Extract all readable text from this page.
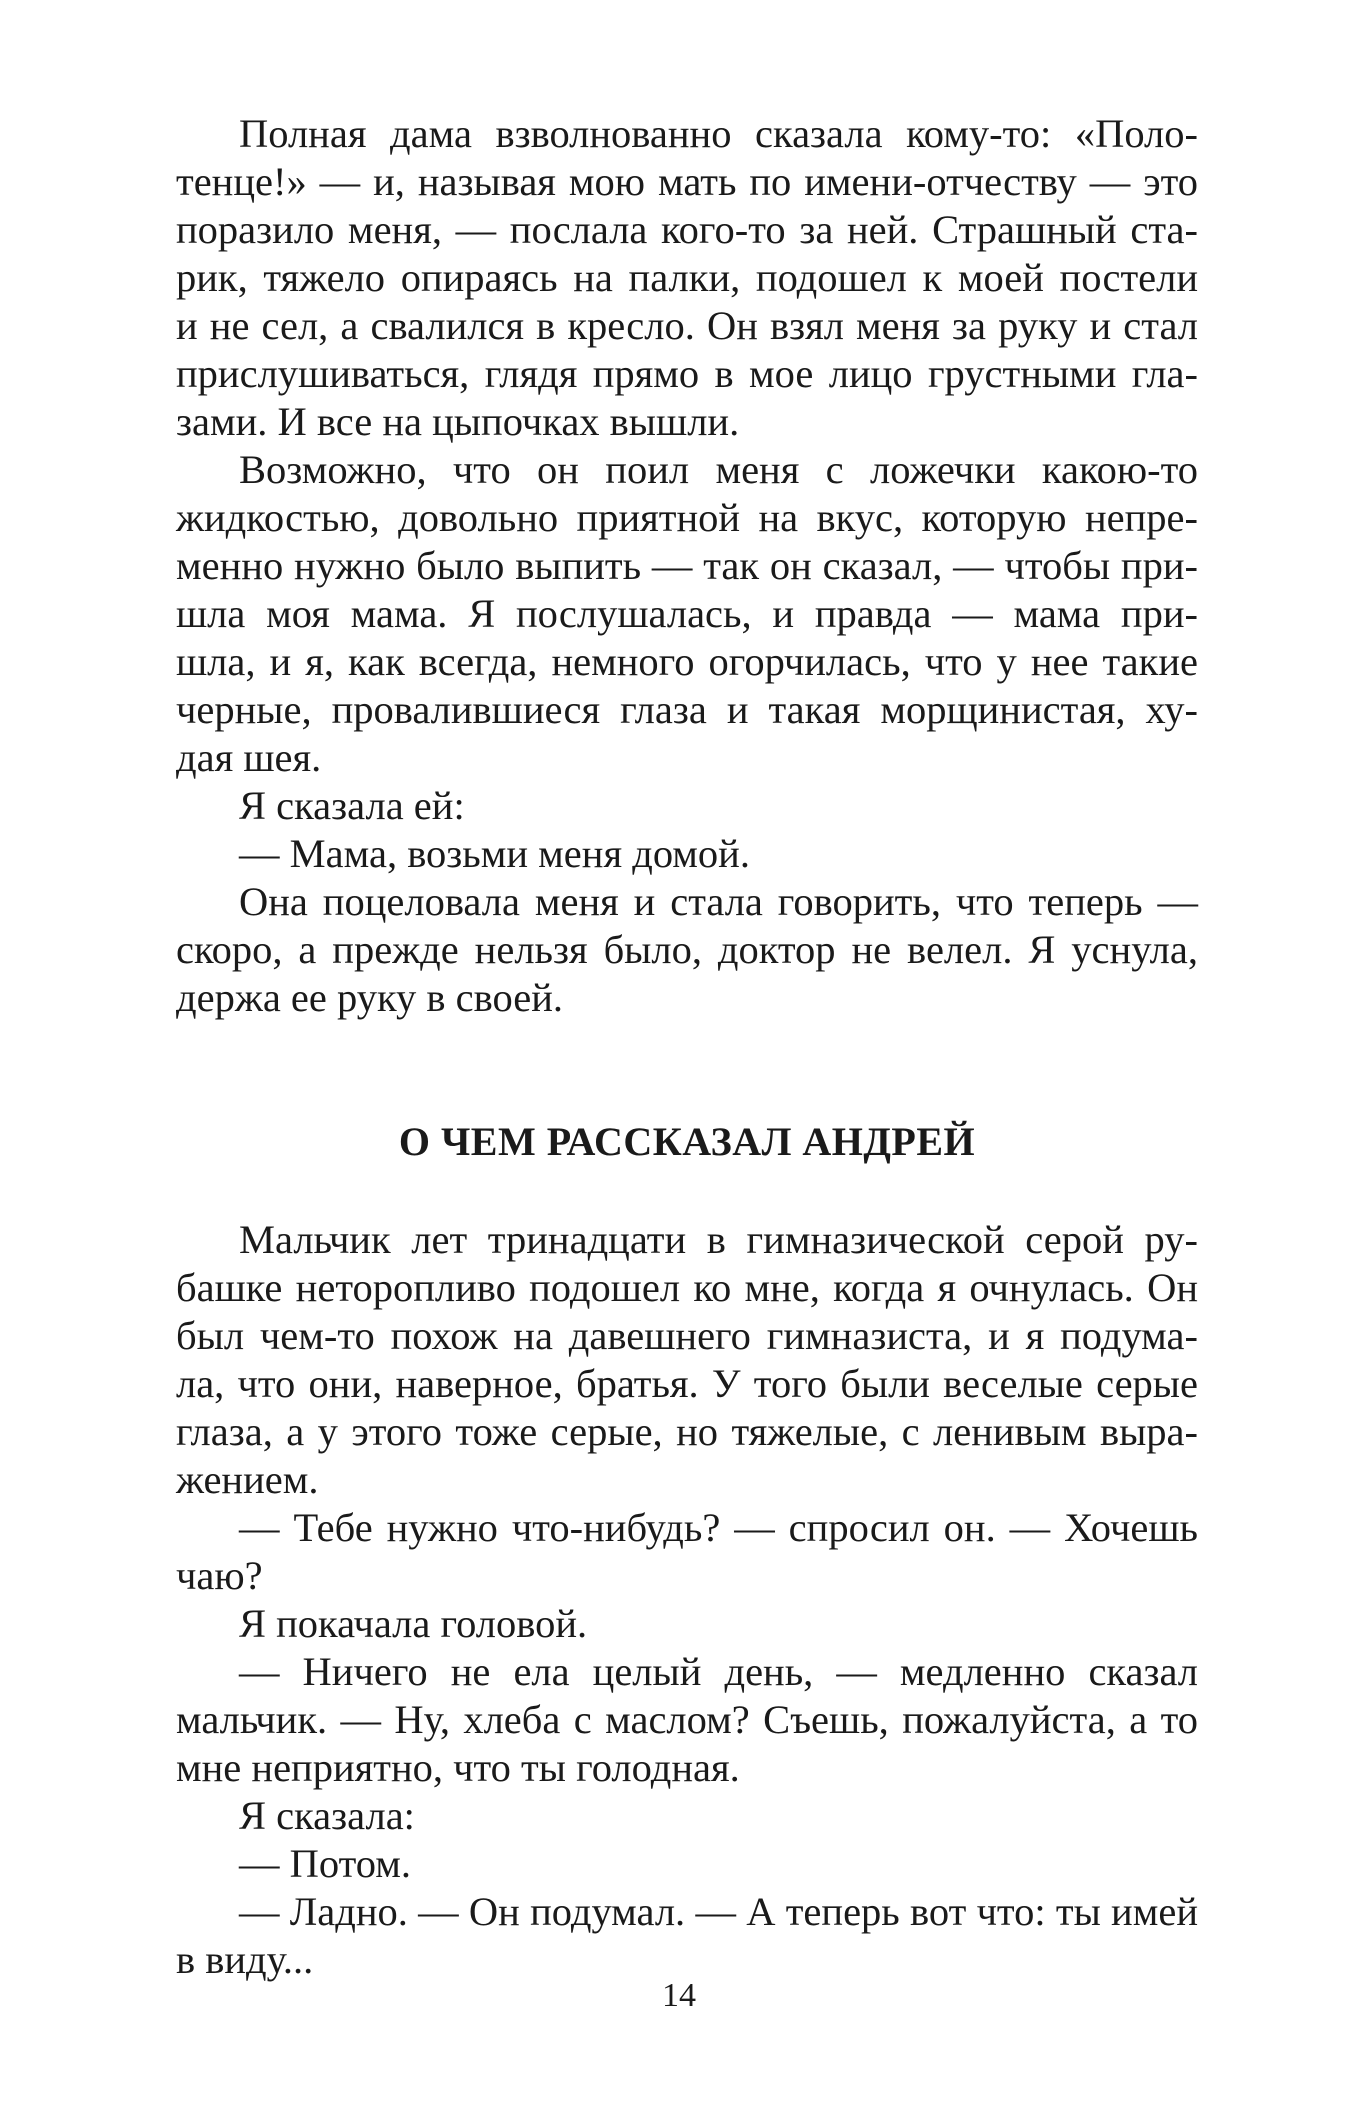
Полная дама взволнованно сказала кому-то: «Поло-
тенце!» — и, называя мою мать по имени-отчеству — это
поразило меня, — послала кого-то за ней. Страшный ста-
рик, тяжело опираясь на палки, подошел к моей постели
и не сел, а свалился в кресло. Он взял меня за руку и стал
прислушиваться, глядя прямо в мое лицо грустными гла-
зами. И все на цыпочках вышли.
Возможно, что он поил меня с ложечки какою-то
жидкостью, довольно приятной на вкус, которую непре-
менно нужно было выпить — так он сказал, — чтобы при-
шла моя мама. Я послушалась, и правда — мама при-
шла, и я, как всегда, немного огорчилась, что у нее такие
черные, провалившиеся глаза и такая морщинистая, ху-
дая шея.
Я сказала ей:
— Мама, возьми меня домой.
Она поцеловала меня и стала говорить, что теперь —
скоро, а прежде нельзя было, доктор не велел. Я уснула,
держа ее руку в своей.
О ЧЕМ РАССКАЗАЛ АНДРЕЙ
Мальчик лет тринадцати в гимназической серой ру-
башке неторопливо подошел ко мне, когда я очнулась. Он
был чем-то похож на давешнего гимназиста, и я подума-
ла, что они, наверное, братья. У того были веселые серые
глаза, а у этого тоже серые, но тяжелые, с ленивым выра-
жением.
— Тебе нужно что-нибудь? — спросил он. — Хочешь
чаю?
Я покачала головой.
— Ничего не ела целый день, — медленно сказал
мальчик. — Ну, хлеба с маслом? Съешь, пожалуйста, а то
мне неприятно, что ты голодная.
Я сказала:
— Потом.
— Ладно. — Он подумал. — А теперь вот что: ты имей
в виду...
14
